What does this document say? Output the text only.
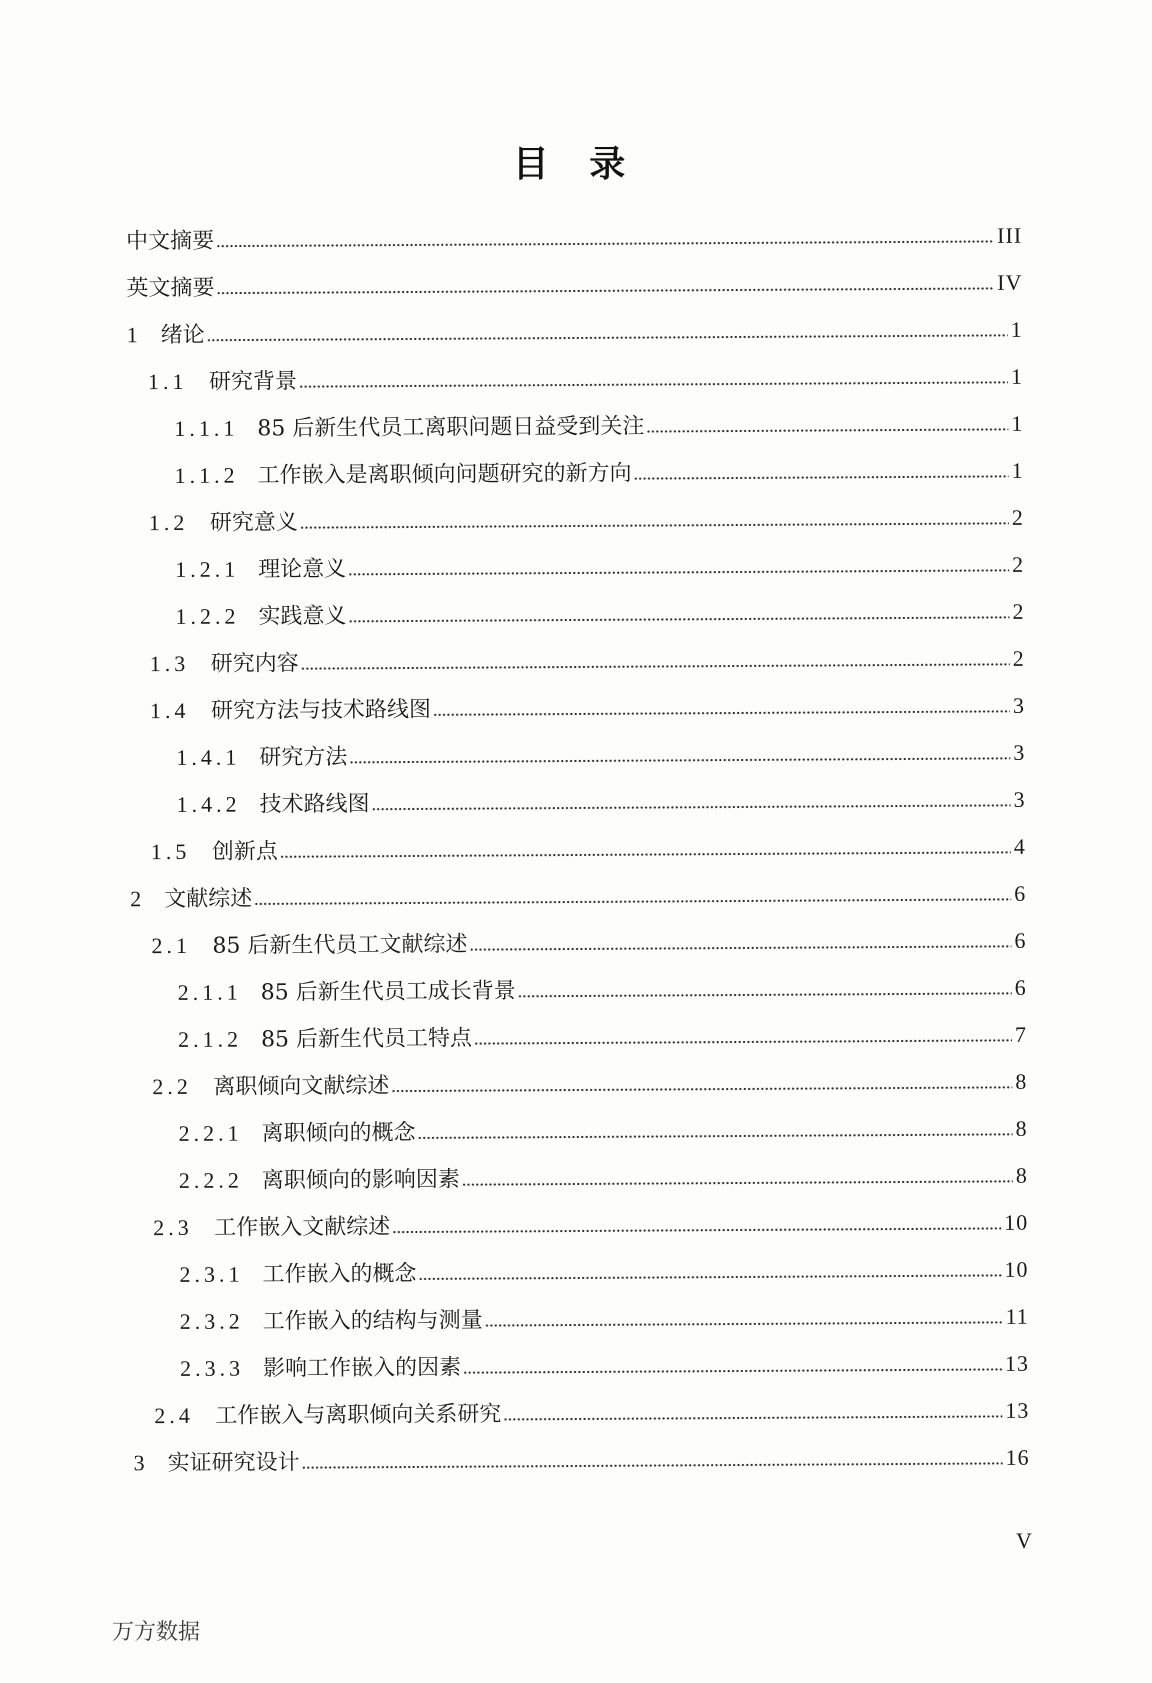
目 录
中文摘要	III
英文摘要	IV
1 绪论	1
1.1 研究背景	1
1.1.1 85 后新生代员工离职问题日益受到关注	1
1.1.2 工作嵌入是离职倾向问题研究的新方向	1
1.2 研究意义	2
1.2.1 理论意义	2
1.2.2 实践意义	2
1.3 研究内容	2
1.4 研究方法与技术路线图	3
1.4.1 研究方法	3
1.4.2 技术路线图	3
1.5 创新点	4
2 文献综述	6
2.1 85 后新生代员工文献综述	6
2.1.1 85 后新生代员工成长背景	6
2.1.2 85 后新生代员工特点	7
2.2 离职倾向文献综述	8
2.2.1 离职倾向的概念	8
2.2.2 离职倾向的影响因素	8
2.3 工作嵌入文献综述	10
2.3.1 工作嵌入的概念	10
2.3.2 工作嵌入的结构与测量	11
2.3.3 影响工作嵌入的因素	13
2.4 工作嵌入与离职倾向关系研究	13
3 实证研究设计	16
V
万方数据
